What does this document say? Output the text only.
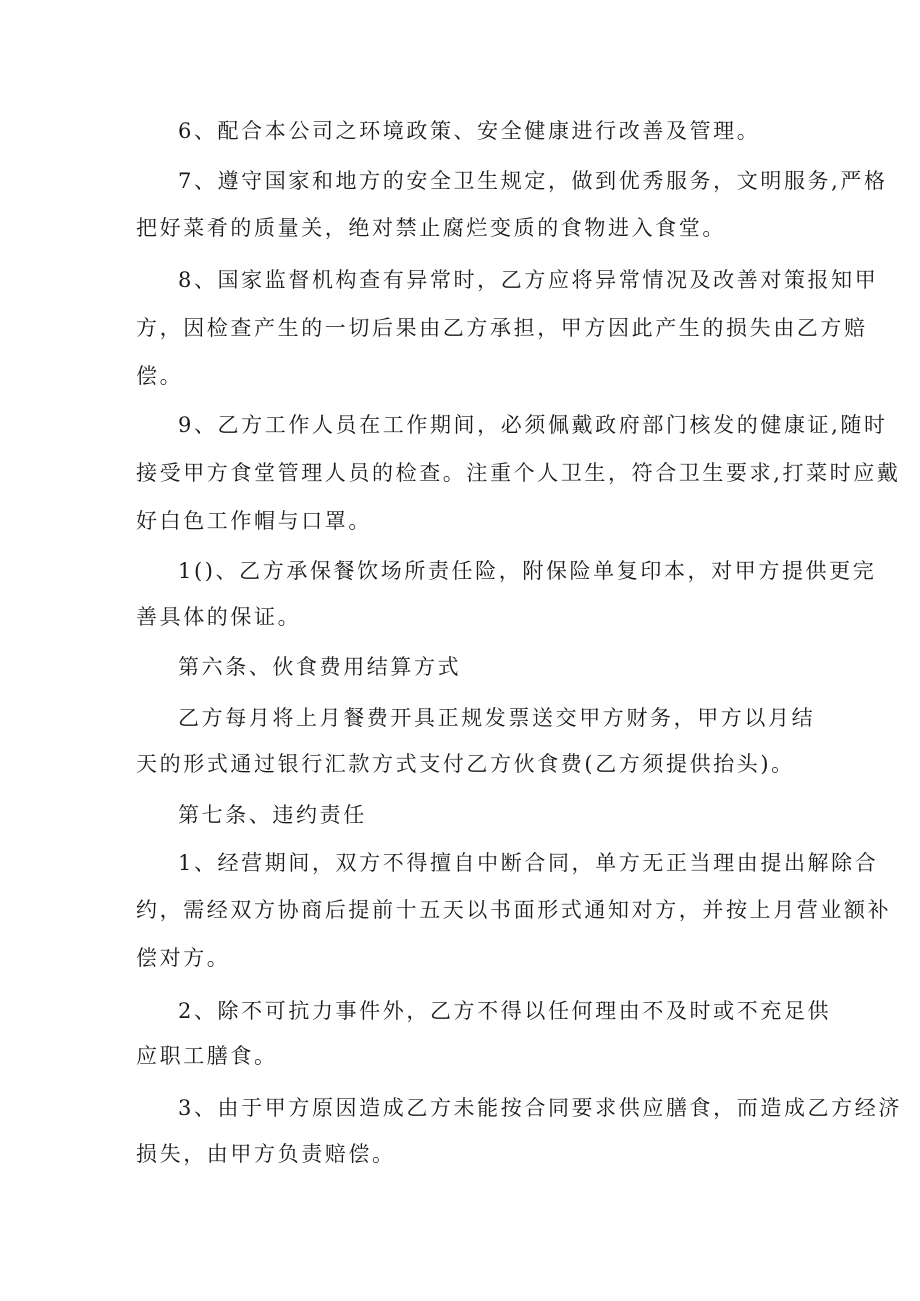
6、配合本公司之环境政策、安全健康进行改善及管理。
7、遵守国家和地方的安全卫生规定，做到优秀服务，文明服务,严格
把好菜肴的质量关，绝对禁止腐烂变质的食物进入食堂。
8、国家监督机构查有异常时，乙方应将异常情况及改善对策报知甲
方，因检查产生的一切后果由乙方承担，甲方因此产生的损失由乙方赔
偿。
9、乙方工作人员在工作期间，必须佩戴政府部门核发的健康证,随时
接受甲方食堂管理人员的检查。注重个人卫生，符合卫生要求,打菜时应戴
好白色工作帽与口罩。
1()、乙方承保餐饮场所责任险，附保险单复印本，对甲方提供更完
善具体的保证。
第六条、伙食费用结算方式
乙方每月将上月餐费开具正规发票送交甲方财务，甲方以月结
天的形式通过银行汇款方式支付乙方伙食费(乙方须提供抬头)。
第七条、违约责任
1、经营期间，双方不得擅自中断合同，单方无正当理由提出解除合
约，需经双方协商后提前十五天以书面形式通知对方，并按上月营业额补
偿对方。
2、除不可抗力事件外，乙方不得以任何理由不及时或不充足供
应职工膳食。
3、由于甲方原因造成乙方未能按合同要求供应膳食，而造成乙方经济
损失，由甲方负责赔偿。
